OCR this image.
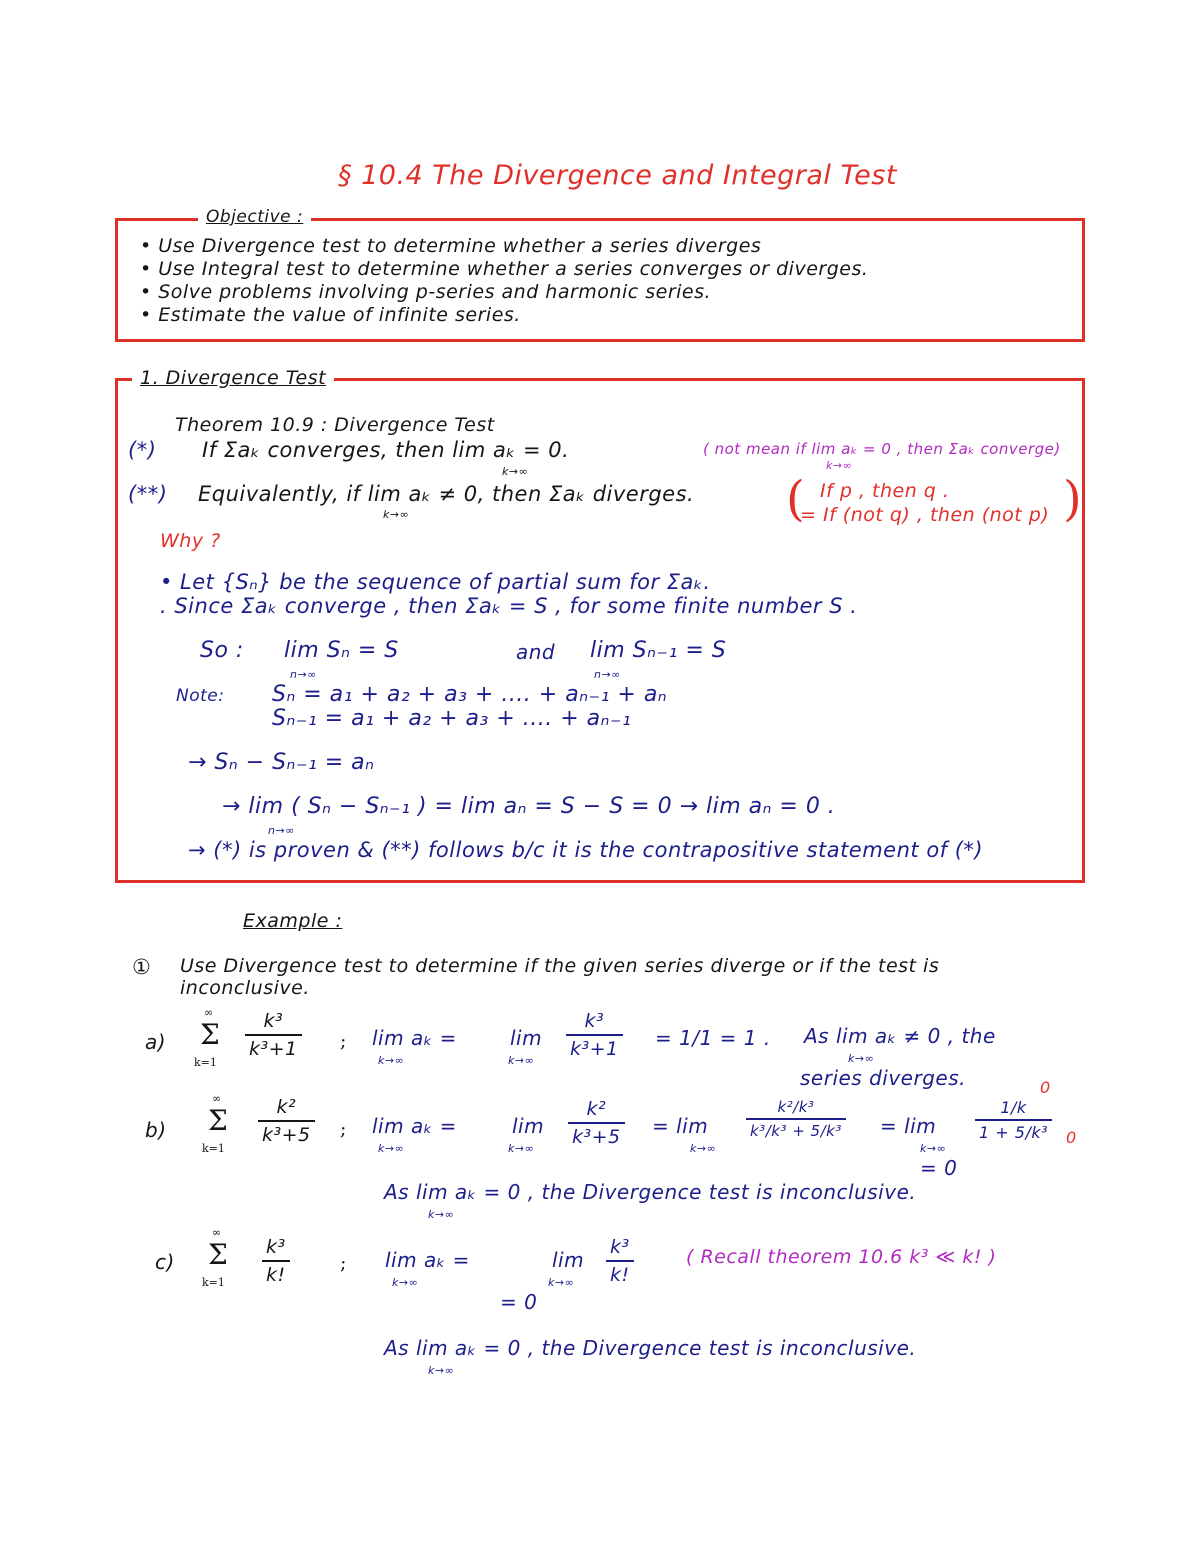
§ 10.4 The Divergence and Integral Test
Objective :
• Use Divergence test to determine whether a series diverges
• Use Integral test to determine whether a series converges or diverges.
• Solve problems involving p-series and harmonic series.
• Estimate the value of infinite series.
1. Divergence Test
Theorem 10.9 : Divergence Test
(*) If Σaₖ converges, then lim aₖ = 0.
k→∞
( not mean if lim aₖ = 0 , then Σaₖ converge)
k→∞
(**) Equivalently, if lim aₖ ≠ 0, then Σaₖ diverges.
k→∞	( If p , then q .
= If (not q) , then (not p) )
Why ?
• Let {Sₙ} be the sequence of partial sum for Σaₖ.
. Since Σaₖ converge , then Σaₖ = S , for some finite number S .
So : lim Sₙ = S
n→∞
and lim Sₙ₋₁ = S
n→∞
Note: Sₙ = a₁ + a₂ + a₃ + .... + aₙ₋₁ + aₙ
Sₙ₋₁ = a₁ + a₂ + a₃ + .... + aₙ₋₁
→ Sₙ − Sₙ₋₁ = aₙ
→ lim ( Sₙ − Sₙ₋₁ ) = lim aₙ = S − S = 0 → lim aₙ = 0 .
n→∞
→ (*) is proven & (**) follows b/c it is the contrapositive statement of (*)
Example :
① Use Divergence test to determine if the given series diverge or if the test is
inconclusive.
a) Σ
∞
k=1
k³
k³+1 ; lim aₖ =
k→∞
lim
k→∞
k³
k³+1 = 1/1 = 1 . As lim aₖ ≠ 0 , the
k→∞
series diverges.
b) Σ
∞
k=1
k²
k³+5 ; lim aₖ =
k→∞
lim
k→∞
k²
k³+5 = lim
k→∞
k²/k³
k³/k³ + 5/k³ = lim
k→∞
1/k
1 + 5/k³
0
0
= 0
As lim aₖ = 0 , the Divergence test is inconclusive.
k→∞
c) Σ
∞
k=1
k³
k!
; lim aₖ =
k→∞
lim
k→∞
k³
k!
= 0
( Recall theorem 10.6 k³ ≪ k! )
As lim aₖ = 0 , the Divergence test is inconclusive.
k→∞
